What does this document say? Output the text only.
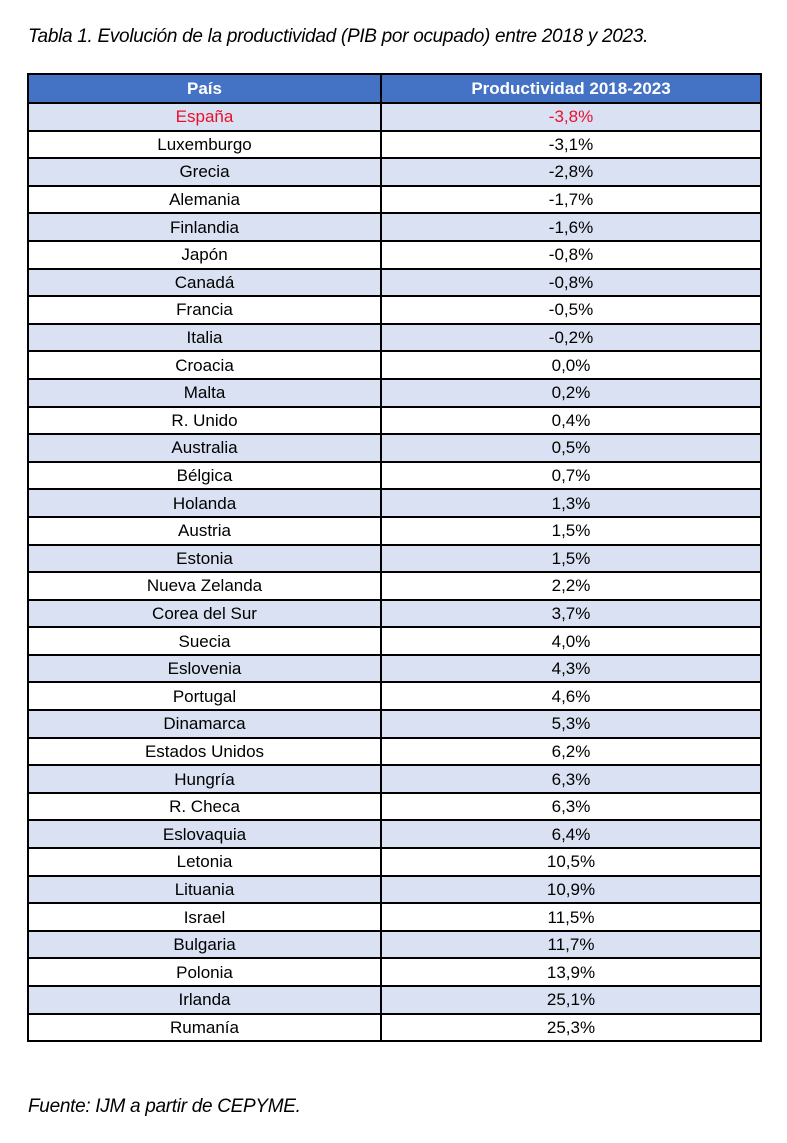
Tabla 1. Evolución de la productividad (PIB por ocupado) entre 2018 y 2023.
País	Productividad 2018-2023
España	-3,8%
Luxemburgo	-3,1%
Grecia	-2,8%
Alemania	-1,7%
Finlandia	-1,6%
Japón	-0,8%
Canadá	-0,8%
Francia	-0,5%
Italia	-0,2%
Croacia	0,0%
Malta	0,2%
R. Unido	0,4%
Australia	0,5%
Bélgica	0,7%
Holanda	1,3%
Austria	1,5%
Estonia	1,5%
Nueva Zelanda	2,2%
Corea del Sur	3,7%
Suecia	4,0%
Eslovenia	4,3%
Portugal	4,6%
Dinamarca	5,3%
Estados Unidos	6,2%
Hungría	6,3%
R. Checa	6,3%
Eslovaquia	6,4%
Letonia	10,5%
Lituania	10,9%
Israel	11,5%
Bulgaria	11,7%
Polonia	13,9%
Irlanda	25,1%
Rumanía	25,3%
Fuente: IJM a partir de CEPYME.
